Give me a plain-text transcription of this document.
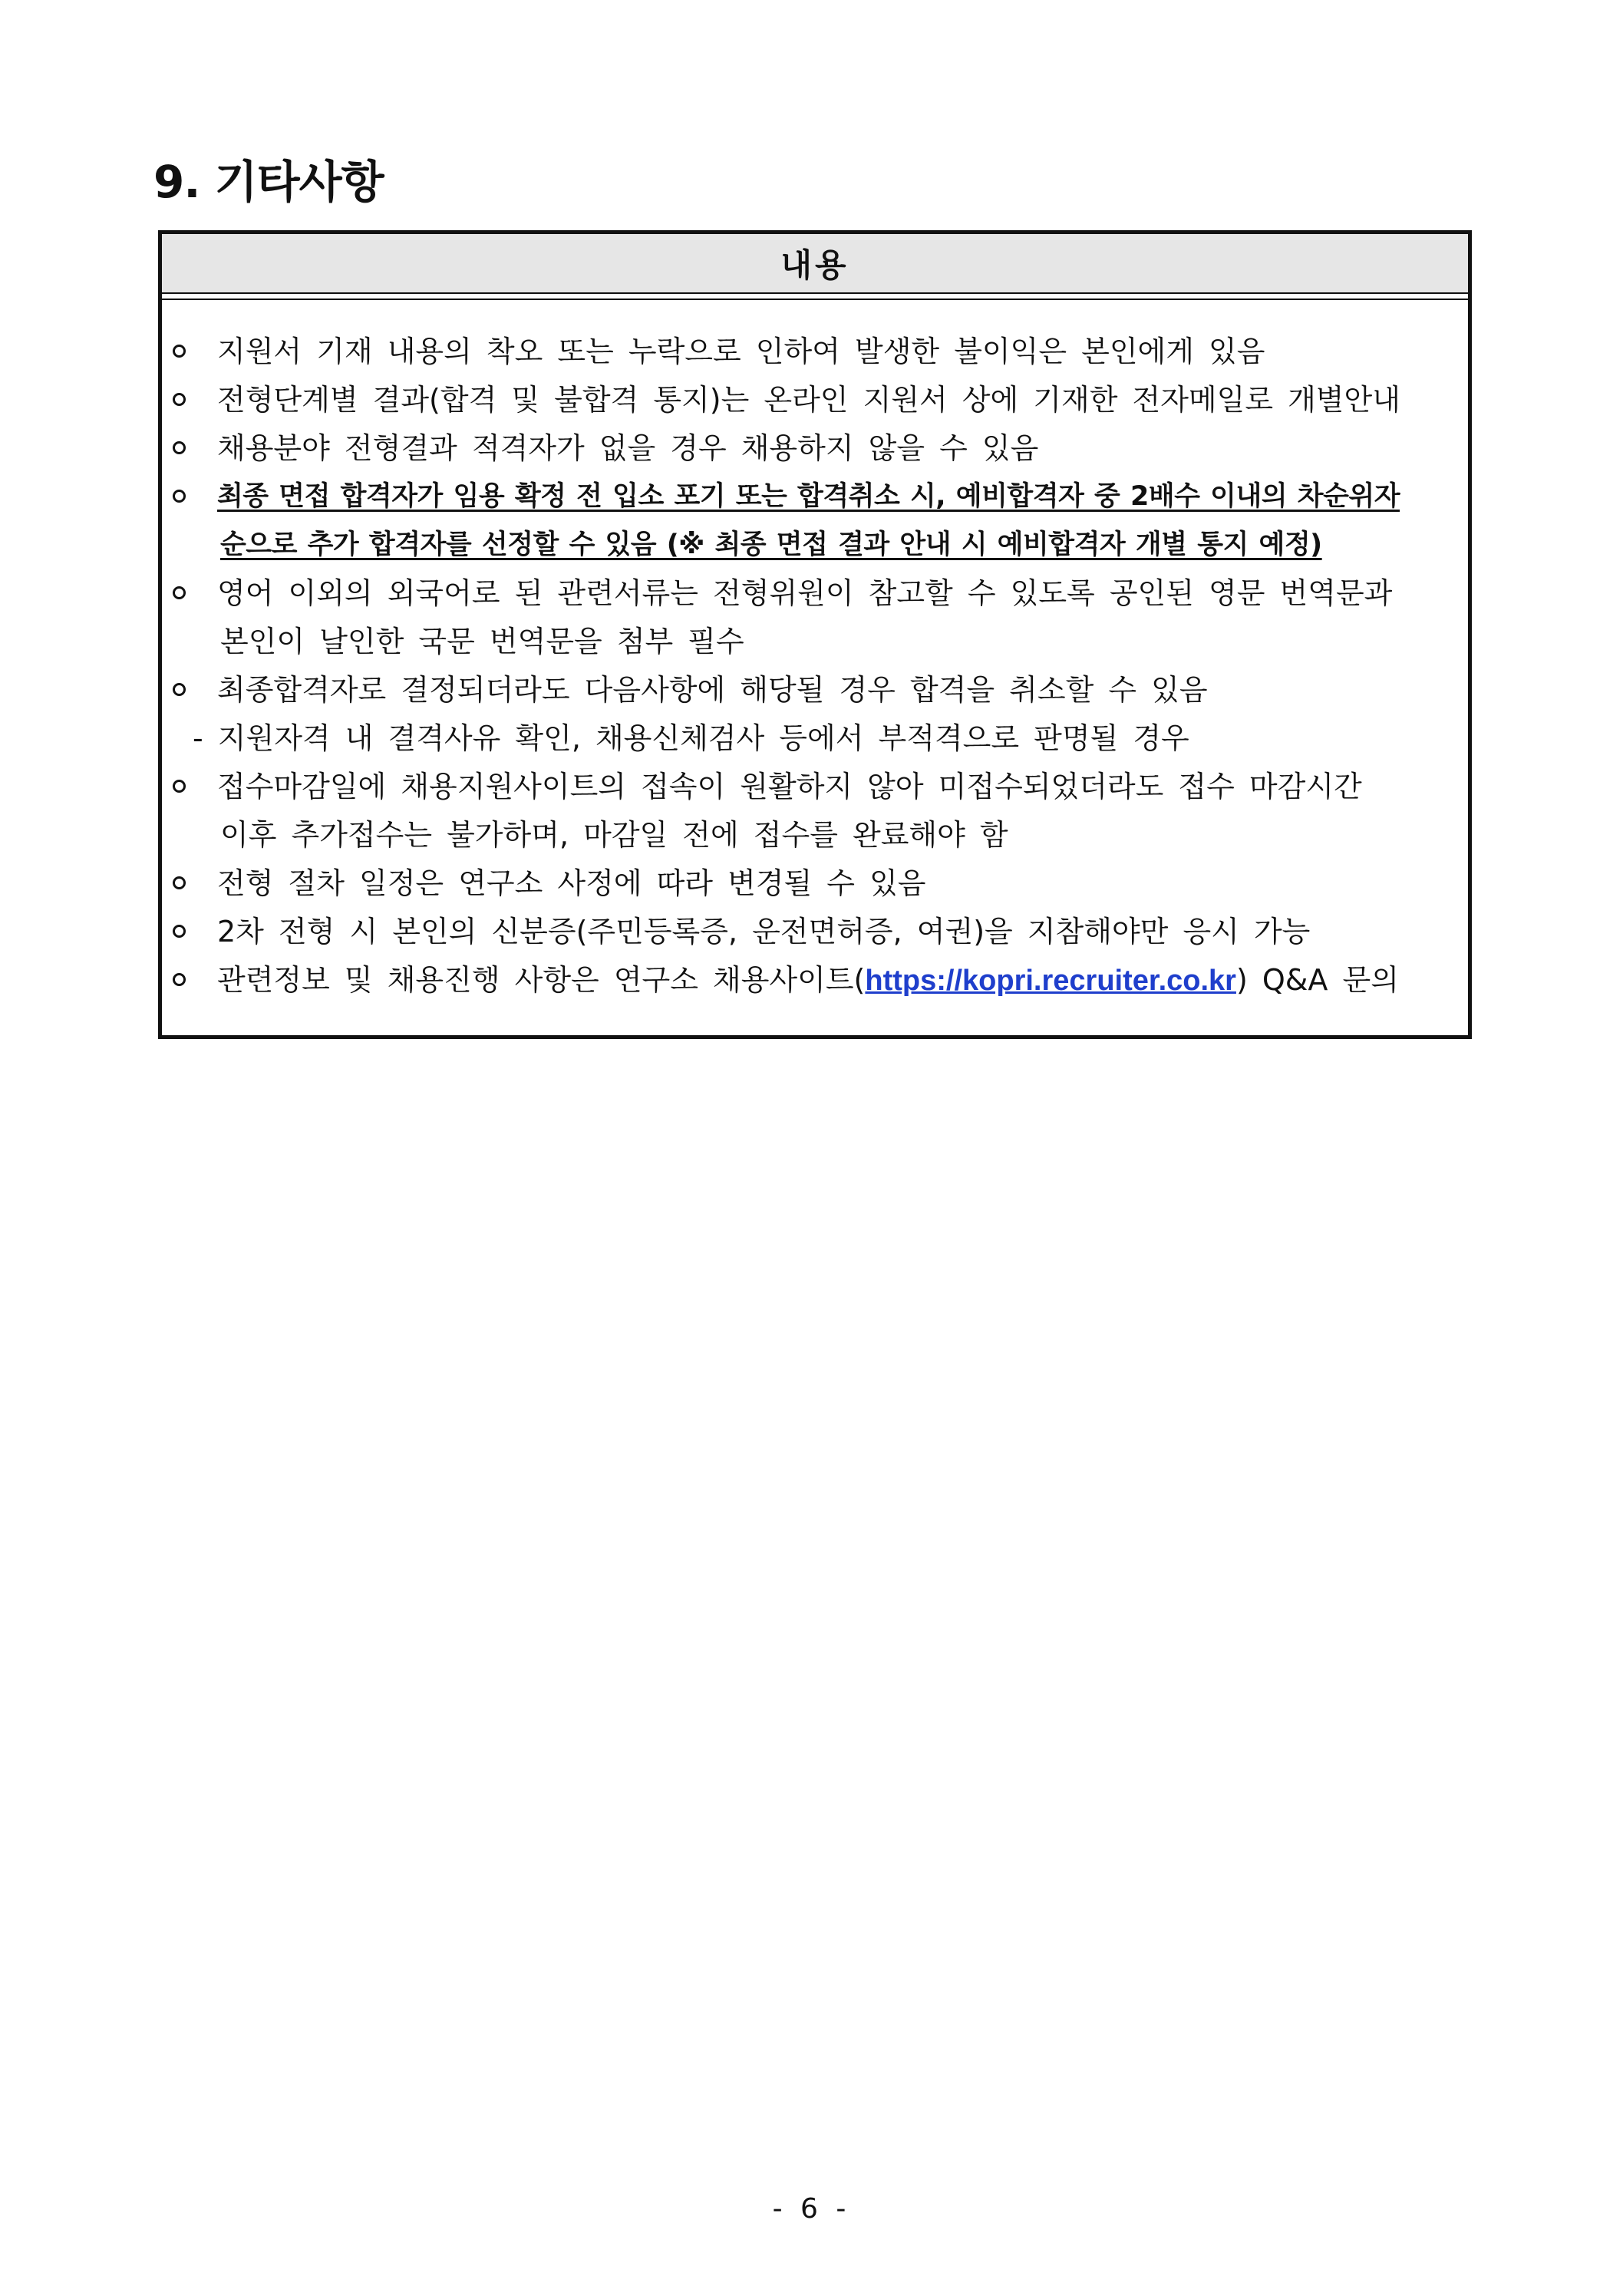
9. 기타사항
내용
지원서 기재 내용의 착오 또는 누락으로 인하여 발생한 불이익은 본인에게 있음
전형단계별 결과(합격 및 불합격 통지)는 온라인 지원서 상에 기재한 전자메일로 개별안내
채용분야 전형결과 적격자가 없을 경우 채용하지 않을 수 있음
최종 면접 합격자가 임용 확정 전 입소 포기 또는 합격취소 시, 예비합격자 중 2배수 이내의 차순위자
순으로 추가 합격자를 선정할 수 있음 (※ 최종 면접 결과 안내 시 예비합격자 개별 통지 예정)
영어 이외의 외국어로 된 관련서류는 전형위원이 참고할 수 있도록 공인된 영문 번역문과
본인이 날인한 국문 번역문을 첨부 필수
최종합격자로 결정되더라도 다음사항에 해당될 경우 합격을 취소할 수 있음
- 지원자격 내 결격사유 확인, 채용신체검사 등에서 부적격으로 판명될 경우
접수마감일에 채용지원사이트의 접속이 원활하지 않아 미접수되었더라도 접수 마감시간
이후 추가접수는 불가하며, 마감일 전에 접수를 완료해야 함
전형 절차 일정은 연구소 사정에 따라 변경될 수 있음
2차 전형 시 본인의 신분증(주민등록증, 운전면허증, 여권)을 지참해야만 응시 가능
관련정보 및 채용진행 사항은 연구소 채용사이트(https://kopri.recruiter.co.kr) Q&A 문의
- 6 -
